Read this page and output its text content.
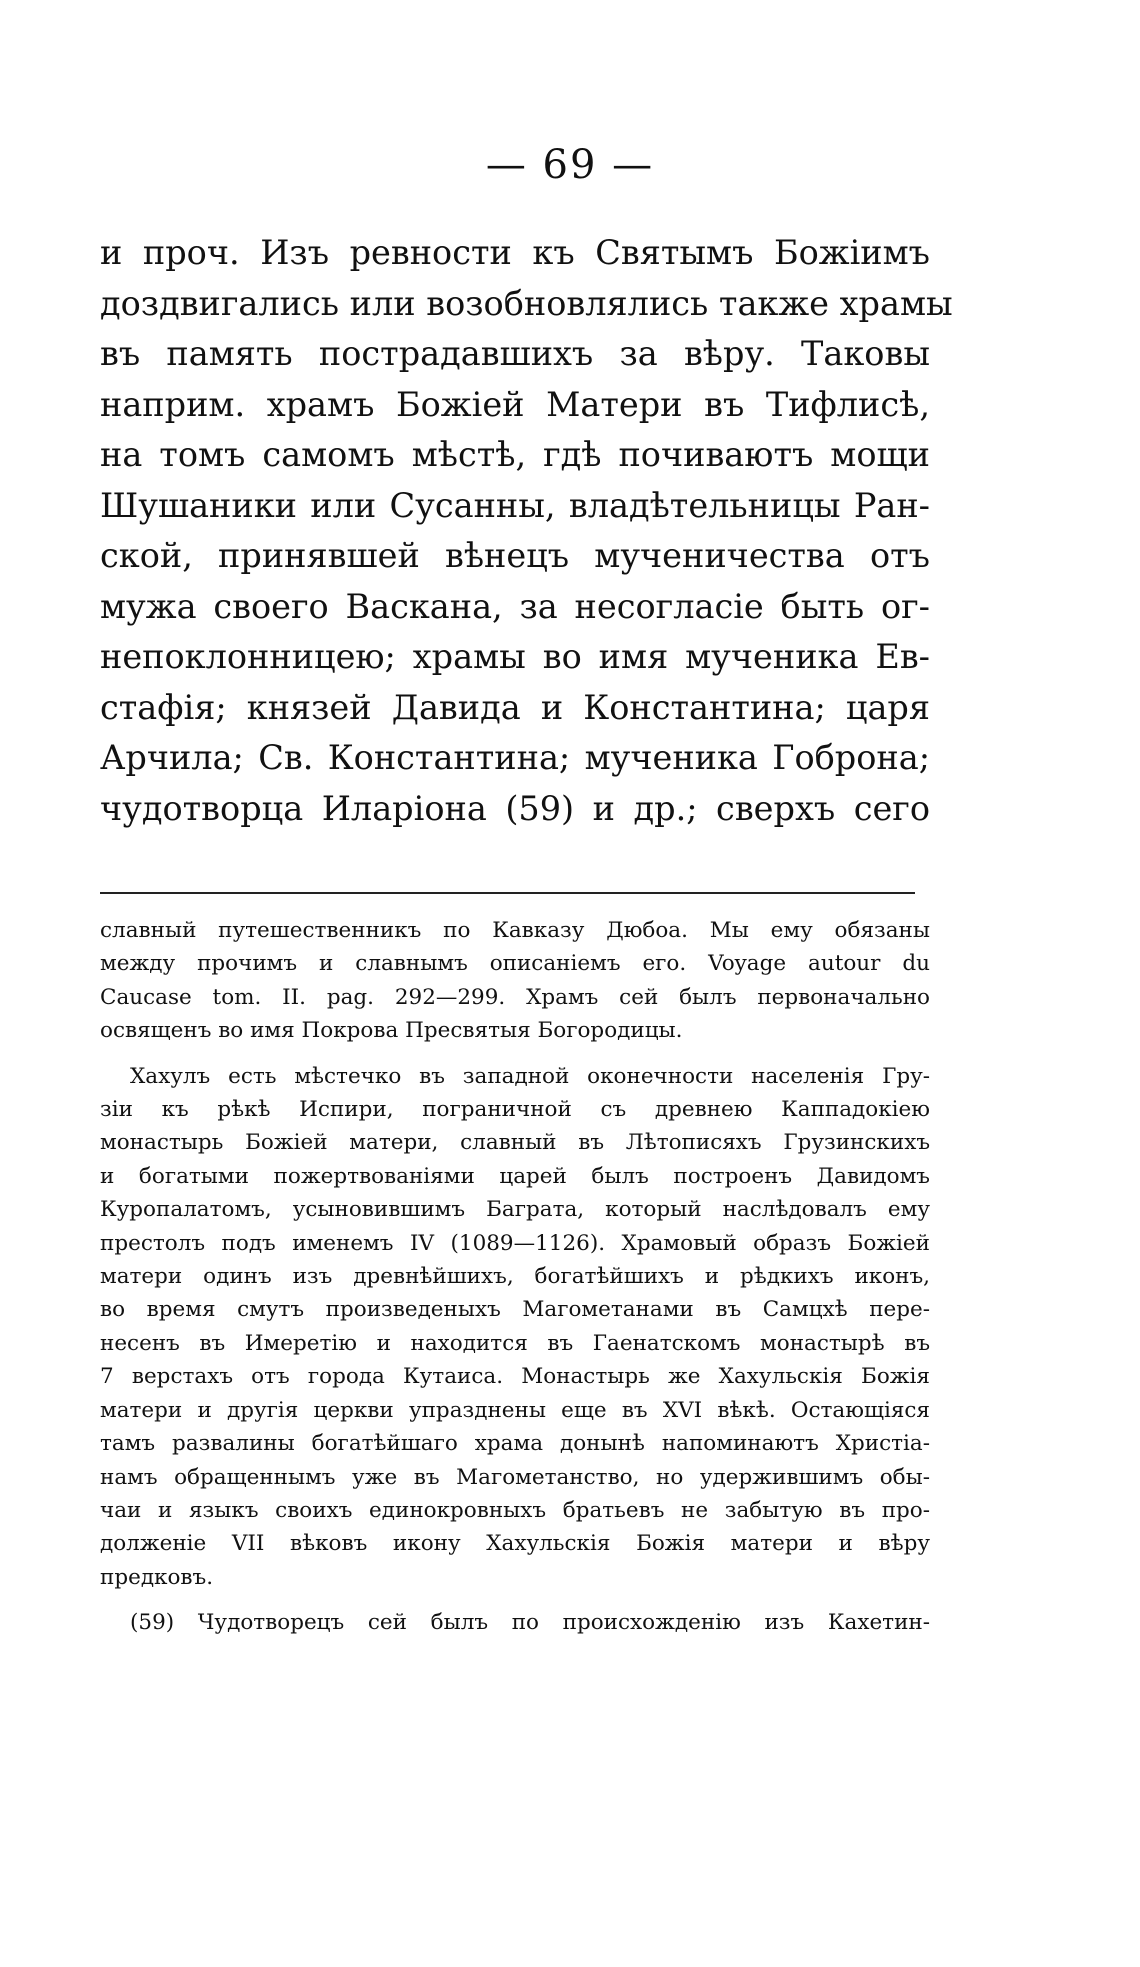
— 69 —
и проч. Изъ ревности къ Святымъ Божіимъ
доздвигались или возобновлялись также храмы
въ память пострадавшихъ за вѣру. Таковы
наприм. храмъ Божіей Матери въ Тифлисѣ,
на томъ самомъ мѣстѣ, гдѣ почиваютъ мощи
Шушаники или Сусанны, владѣтельницы Ран-
ской, принявшей вѣнецъ мученичества отъ
мужа своего Васкана, за несогласіе быть ог-
непоклонницею; храмы во имя мученика Ев-
стафія; князей Давида и Константина; царя
Арчила; Св. Константина; мученика Гоброна;
чудотворца Иларіона (59) и др.; сверхъ сего
славный путешественникъ по Кавказу Дюбоа. Мы ему обязаны
между прочимъ и славнымъ описаніемъ его. Voyage autour du
Caucase tom. II. pag. 292—299. Храмъ сей былъ первоначально
освященъ во имя Покрова Пресвятыя Богородицы.
Хахулъ есть мѣстечко въ западной оконечности населенія Гру-
зіи къ рѣкѣ Испири, пограничной съ древнею Каппадокіею
монастырь Божіей матери, славный въ Лѣтописяхъ Грузинскихъ
и богатыми пожертвованіями царей былъ построенъ Давидомъ
Куропалатомъ, усыновившимъ Баграта, который наслѣдовалъ ему
престолъ подъ именемъ IV (1089—1126). Храмовый образъ Божіей
матери одинъ изъ древнѣйшихъ, богатѣйшихъ и рѣдкихъ иконъ,
во время смутъ произведеныхъ Магометанами въ Самцхѣ пере-
несенъ въ Имеретію и находится въ Гаенатскомъ монастырѣ въ
7 верстахъ отъ города Кутаиса. Монастырь же Хахульскія Божія
матери и другія церкви упразднены еще въ XVI вѣкѣ. Остающіяся
тамъ развалины богатѣйшаго храма донынѣ напоминаютъ Христіа-
намъ обращеннымъ уже въ Магометанство, но удержившимъ обы-
чаи и языкъ своихъ единокровныхъ братьевъ не забытую въ про-
долженіе VII вѣковъ икону Хахульскія Божія матери и вѣру
предковъ.
(59) Чудотворецъ сей былъ по происхожденію изъ Кахетин-
